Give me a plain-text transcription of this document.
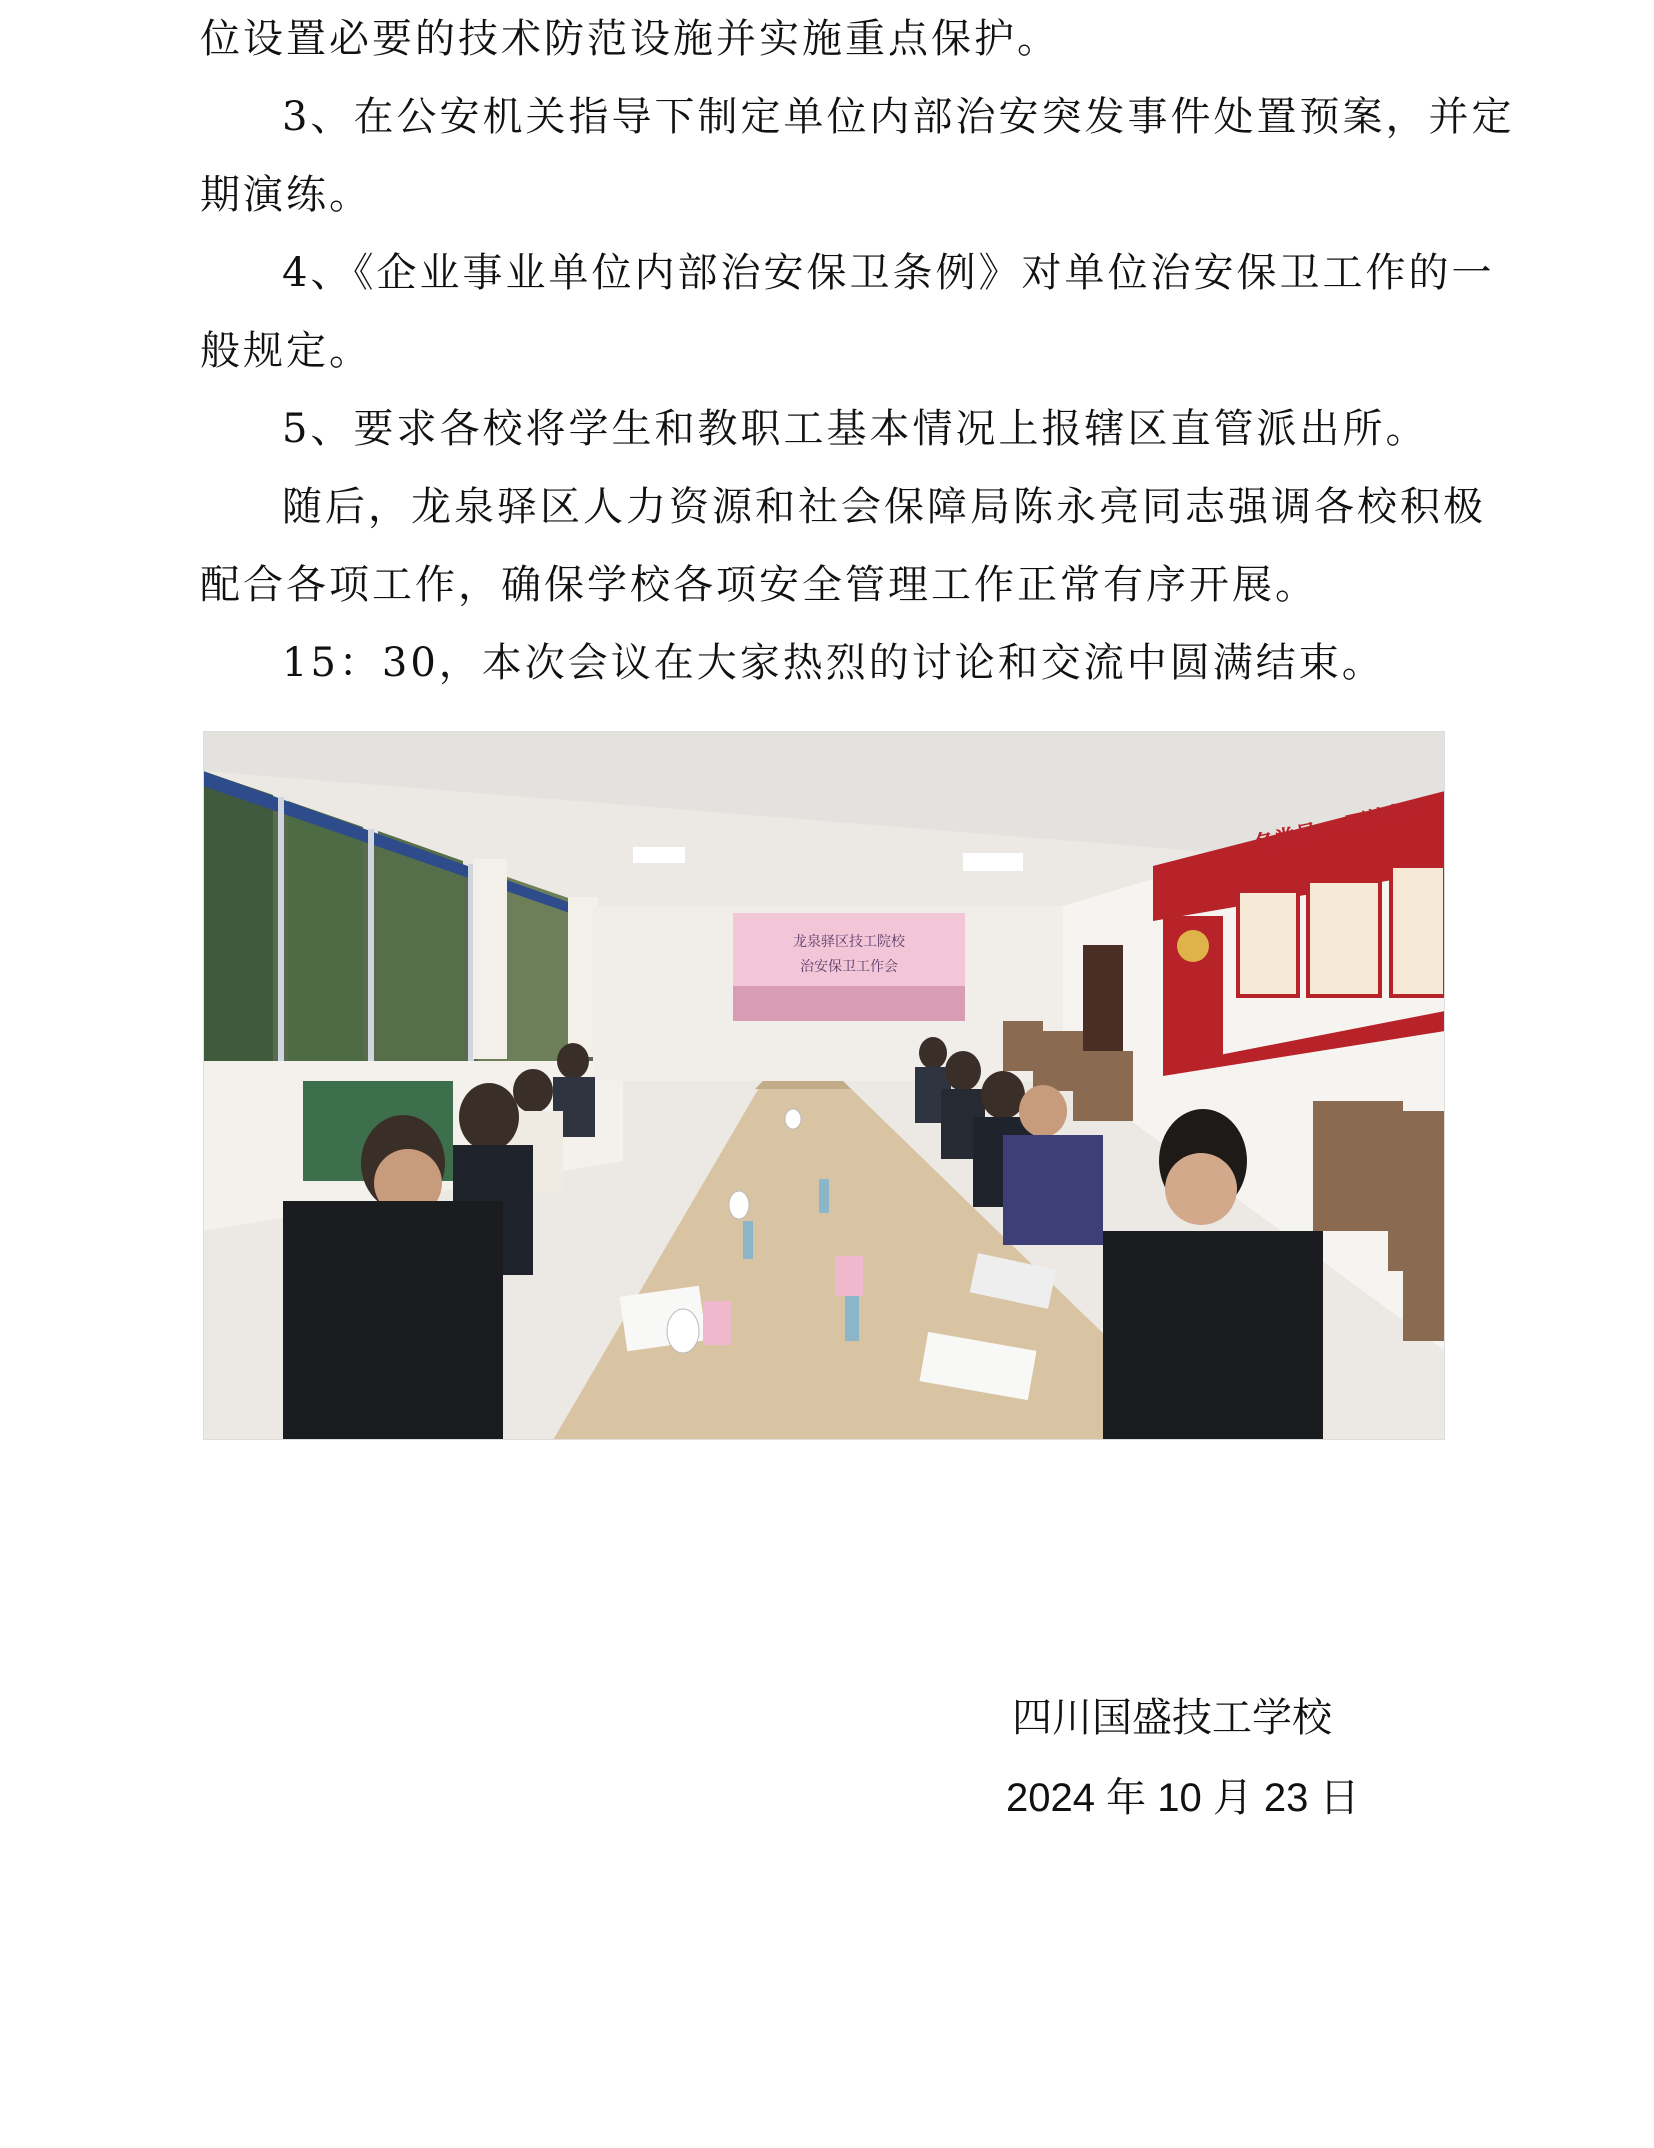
位设置必要的技术防范设施并实施重点保护。

3、在公安机关指导下制定单位内部治安突发事件处置预案，并定

期演练。

4、《企业事业单位内部治安保卫条例》对单位治安保卫工作的一

般规定。

5、要求各校将学生和教职工基本情况上报辖区直管派出所。

随后，龙泉驿区人力资源和社会保障局陈永亮同志强调各校积极

配合各项工作，确保学校各项安全管理工作正常有序开展。

15：30，本次会议在大家热烈的讨论和交流中圆满结束。

龙泉驿区技工院校
治安保卫工作会
一名党员 一面旗帜
四川国盛技工学校
2024 年 10 月 23 日
